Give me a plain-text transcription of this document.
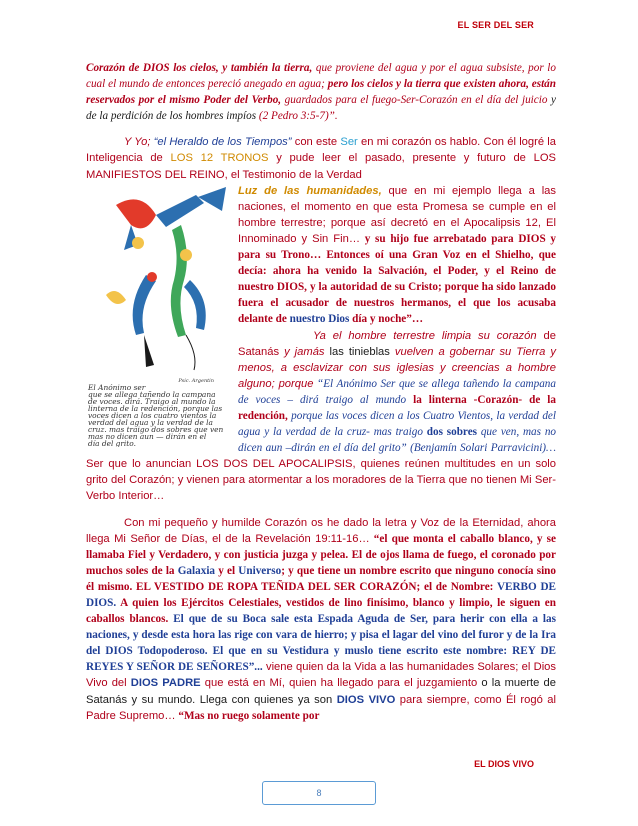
EL SER DEL SER

Corazón de DIOS los cielos, y también la tierra, que proviene del agua y por el agua subsiste, por lo cual el mundo de entonces pereció anegado en agua; pero los cielos y la tierra que existen ahora, están reservados por el mismo Poder del Verbo, guardados para el fuego-Ser-Corazón en el día del juicio y de la perdición de los hombres impíos (2 Pedro 3:5-7)”.

Y Yo; “el Heraldo de los Tiempos” con este Ser en mi corazón os hablo. Con él logré la Inteligencia de LOS 12 TRONOS y pude leer el pasado, presente y futuro de LOS MANIFIESTOS DEL REINO, el Testimonio de la Verdad

Psic. Argentin
El Anónimo ser
que se allega tañendo la campana
de voces. dirá. Traigo al mundo la
linterna de la redención, porque las
voces dicen a los cuatro vientos la
verdad del agua y la verdad de la
cruz. mas traigo dos sobres que ven
mas no dicen aun — dirán en el
día del grito.
Luz de las humanidades, que en mi ejemplo llega a las naciones, el momento en que esta Promesa se cumple en el hombre terrestre; porque así decretó en el Apocalipsis 12, El Innominado y Sin Fin… y su hijo fue arrebatado para DIOS y para su Trono… Entonces oí una Gran Voz en el Shielho, que decía: ahora ha venido la Salvación, el Poder, y el Reino de nuestro DIOS, y la autoridad de su Cristo; porque ha sido lanzado fuera el acusador de nuestros hermanos, el que los acusaba delante de nuestro Dios día y noche”…

Ya el hombre terrestre limpia su corazón de Satanás y jamás las tinieblas vuelven a gobernar su Tierra y menos, a esclavizar con sus iglesias y creencias a hombre alguno; porque “El Anónimo Ser que se allega tañendo la campana de voces – dirá traigo al mundo la linterna -Corazón- de la redención, porque las voces dicen a los Cuatro Vientos, la verdad del agua y la verdad de la cruz- mas traigo dos sobres que ven, mas no dicen aun –dirán en el día del grito” (Benjamín Solari Parravicini)… Ser que lo anuncian LOS DOS DEL APOCALIPSIS, quienes reúnen multitudes en un solo grito del Corazón; y vienen para atormentar a los moradores de la Tierra que no tienen Mi Ser-Verbo Interior…

Con mi pequeño y humilde Corazón os he dado la letra y Voz de la Eternidad, ahora llega Mi Señor de Días, el de la Revelación 19:11-16… “el que monta el caballo blanco, y se llamaba Fiel y Verdadero, y con justicia juzga y pelea. El de ojos llama de fuego, el coronado por muchos soles de la Galaxia y el Universo; y que tiene un nombre escrito que ninguno conocía sino él mismo. EL VESTIDO DE ROPA TEÑIDA DEL SER CORAZÓN; el de Nombre: VERBO DE DIOS. A quien los Ejércitos Celestiales, vestidos de lino finísimo, blanco y limpio, le siguen en caballos blancos. El que de su Boca sale esta Espada Aguda de Ser, para herir con ella a las naciones, y desde esta hora las rige con vara de hierro; y pisa el lagar del vino del furor y de la Ira del DIOS Todopoderoso. El que en su Vestidura y muslo tiene escrito este nombre: REY DE REYES Y SEÑOR DE SEÑORES”... viene quien da la Vida a las humanidades Solares; el Dios Vivo del DIOS PADRE que está en Mí, quien ha llegado para el juzgamiento o la muerte de Satanás y su mundo. Llega con quienes ya son DIOS VIVO para siempre, como Él rogó al Padre Supremo… “Mas no ruego solamente por

EL DIOS VIVO
8
